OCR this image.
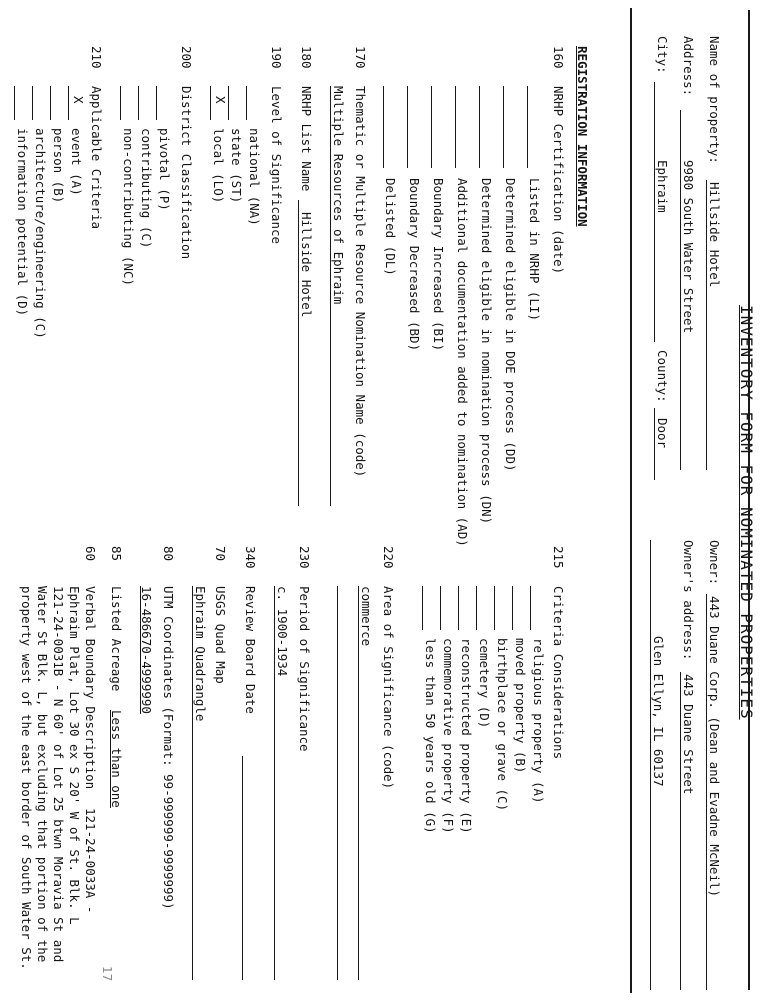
INVENTORY FORM FOR NOMINATED PROPERTIES
Name of property:
Hillside Hotel
Address:
9980 South Water Street
City:
Ephraim
County:
Door
Owner:
443 Duane Corp. (Dean and Evadne McNeil)
Owner's address:
443 Duane Street
Glen Ellyn, IL 60137
REGISTRATION INFORMATION
160
NRHP Certification (date)
Listed in NRHP (LI)
Determined eligible in DOE process (DD)
Determined eligible in nomination process (DN)
Additional documentation added to nomination (AD)
Boundary Increased (BI)
Boundary Decreased (BD)
Delisted (DL)
170
Thematic or Multiple Resource Nomination Name (code)
Multiple Resources of Ephraim
180
NRHP List Name
Hillside Hotel
190
Level of Significance
national (NA)
state (ST)
X
local (LO)
200
District Classification
pivotal (P)
contributing (C)
non-contributing (NC)
210
Applicable Criteria
X
event (A)
person (B)
architecture/engineering (C)
information potential (D)
215
Criteria Considerations
religious property (A)
moved property (B)
birthplace or grave (C)
cemetery (D)
reconstructed property (E)
commemorative property (F)
less than 50 years old (G)
220
Area of Significance (code)
commerce
230
Period of Significance
c. 1900-1934
340
Review Board Date
70
USGS Quad Map
Ephraim Quadrangle
80
UTM Coordinates (Format: 99-999999-9999999)
16-486670-4999990
85
Listed Acreage
Less than one
60
Verbal Boundary Description
121-24-0033A -
Ephraim Plat, Lot 30 ex S 20' W of St. Blk. L
121-24-0031B - N 60' of Lot 25 btwn Moravia St and
Water St Blk. L, but excluding that portion of the
property west of the east border of South Water St.
17
